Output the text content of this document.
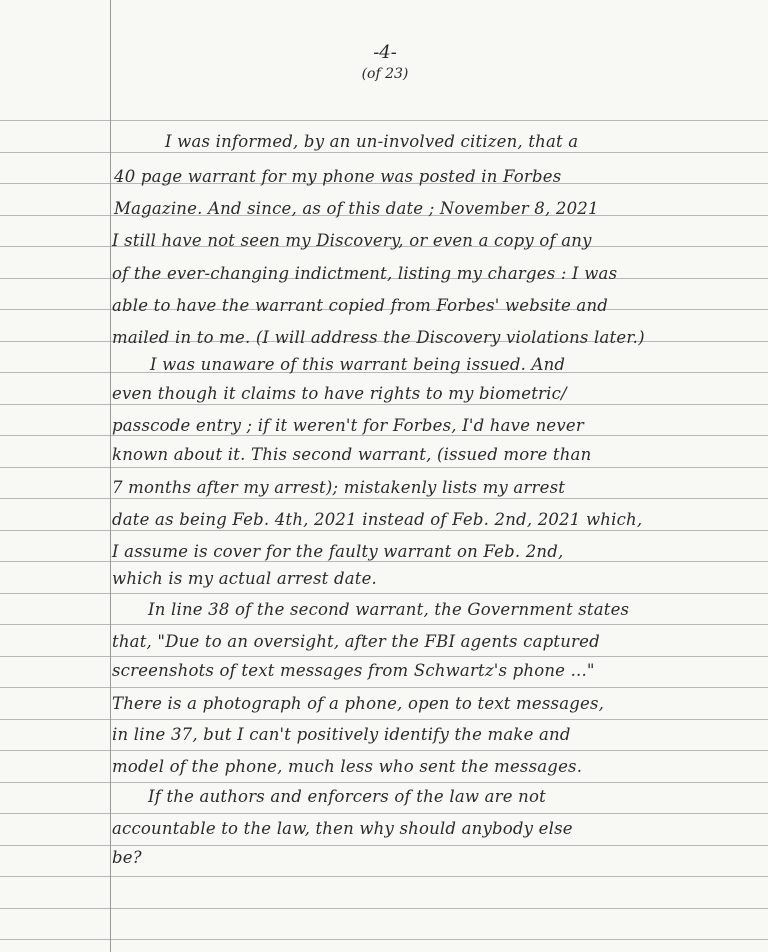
-4-
(of 23)
I was informed, by an un-involved citizen, that a
40 page warrant for my phone was posted in Forbes
Magazine. And since, as of this date ; November 8, 2021
I still have not seen my Discovery, or even a copy of any
of the ever-changing indictment, listing my charges : I was
able to have the warrant copied from Forbes' website and
mailed in to me. (I will address the Discovery violations later.)
I was unaware of this warrant being issued. And
even though it claims to have rights to my biometric/
passcode entry ; if it weren't for Forbes, I'd have never
known about it. This second warrant, (issued more than
7 months after my arrest); mistakenly lists my arrest
date as being Feb. 4th, 2021 instead of Feb. 2nd, 2021 which,
I assume is cover for the faulty warrant on Feb. 2nd,
which is my actual arrest date.
In line 38 of the second warrant, the Government states
that, "Due to an oversight, after the FBI agents captured
screenshots of text messages from Schwartz's phone ..."
There is a photograph of a phone, open to text messages,
in line 37, but I can't positively identify the make and
model of the phone, much less who sent the messages.
If the authors and enforcers of the law are not
accountable to the law, then why should anybody else
be?
